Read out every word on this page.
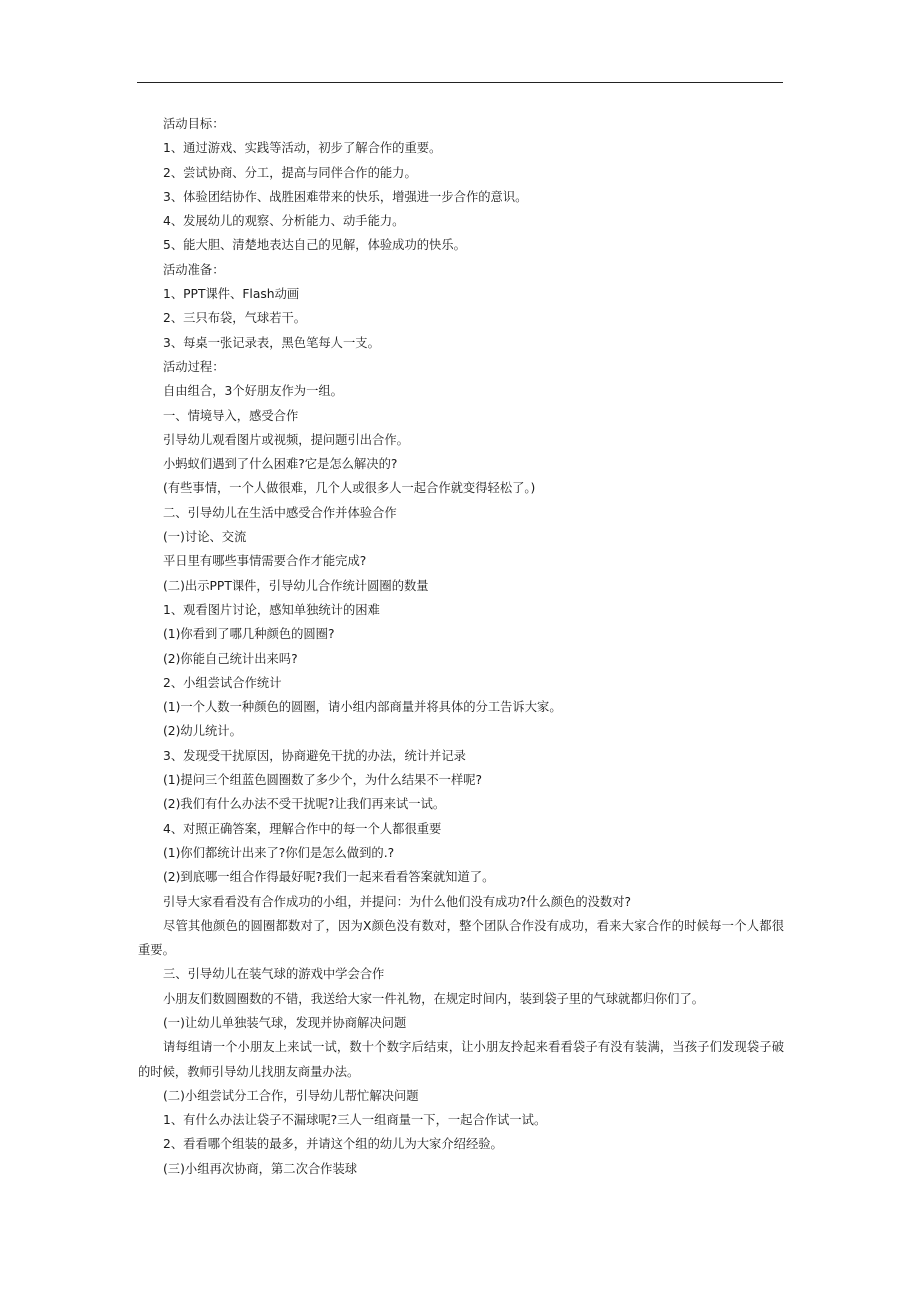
活动目标：

1、通过游戏、实践等活动，初步了解合作的重要。

2、尝试协商、分工，提高与同伴合作的能力。

3、体验团结协作、战胜困难带来的快乐，增强进一步合作的意识。

4、发展幼儿的观察、分析能力、动手能力。

5、能大胆、清楚地表达自己的见解，体验成功的快乐。

活动准备：

1、PPT课件、Flash动画

2、三只布袋，气球若干。

3、每桌一张记录表，黑色笔每人一支。

活动过程：

自由组合，3个好朋友作为一组。

一、情境导入，感受合作

引导幼儿观看图片或视频，提问题引出合作。

小蚂蚁们遇到了什么困难?它是怎么解决的?

(有些事情，一个人做很难，几个人或很多人一起合作就变得轻松了。)

二、引导幼儿在生活中感受合作并体验合作

(一)讨论、交流

平日里有哪些事情需要合作才能完成?

(二)出示PPT课件，引导幼儿合作统计圆圈的数量

1、观看图片讨论，感知单独统计的困难

(1)你看到了哪几种颜色的圆圈?

(2)你能自己统计出来吗?

2、小组尝试合作统计

(1)一个人数一种颜色的圆圈，请小组内部商量并将具体的分工告诉大家。

(2)幼儿统计。

3、发现受干扰原因，协商避免干扰的办法，统计并记录

(1)提问三个组蓝色圆圈数了多少个，为什么结果不一样呢?

(2)我们有什么办法不受干扰呢?让我们再来试一试。

4、对照正确答案，理解合作中的每一个人都很重要

(1)你们都统计出来了?你们是怎么做到的.?

(2)到底哪一组合作得最好呢?我们一起来看看答案就知道了。

引导大家看看没有合作成功的小组，并提问：为什么他们没有成功?什么颜色的没数对?

尽管其他颜色的圆圈都数对了，因为X颜色没有数对，整个团队合作没有成功，看来大家合作的时候每一个人都很重要。

三、引导幼儿在装气球的游戏中学会合作

小朋友们数圆圈数的不错，我送给大家一件礼物，在规定时间内，装到袋子里的气球就都归你们了。

(一)让幼儿单独装气球，发现并协商解决问题

请每组请一个小朋友上来试一试，数十个数字后结束，让小朋友拎起来看看袋子有没有装满，当孩子们发现袋子破的时候，教师引导幼儿找朋友商量办法。

(二)小组尝试分工合作，引导幼儿帮忙解决问题

1、有什么办法让袋子不漏球呢?三人一组商量一下，一起合作试一试。

2、看看哪个组装的最多，并请这个组的幼儿为大家介绍经验。

(三)小组再次协商，第二次合作装球
